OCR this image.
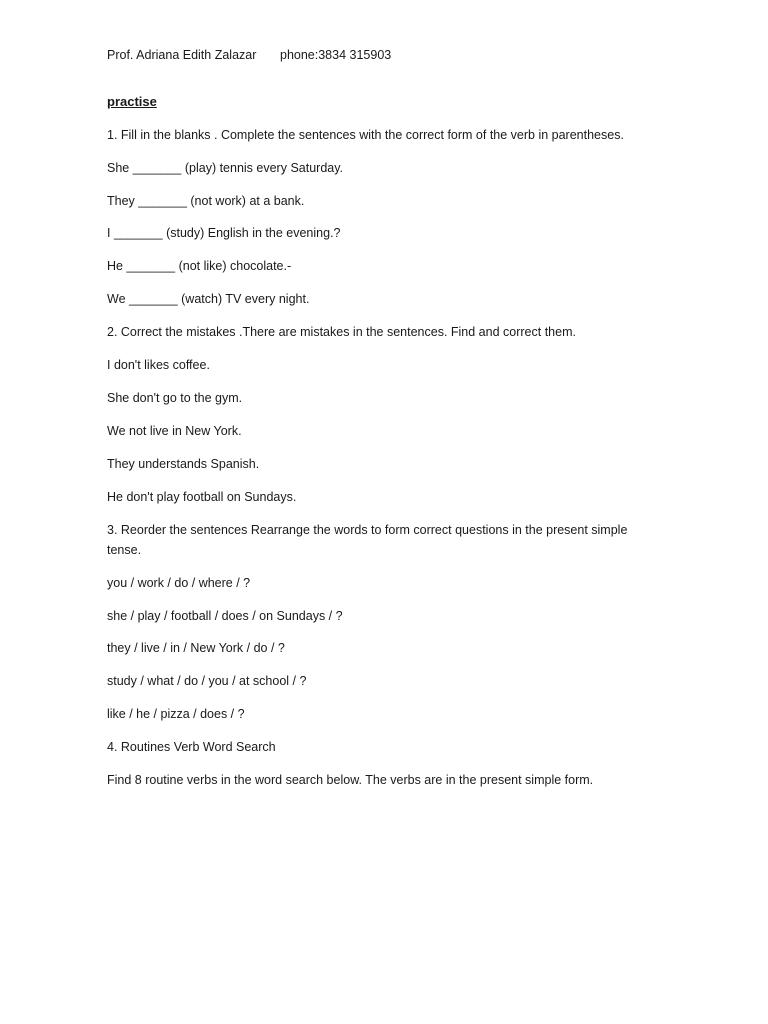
Prof. Adriana Edith Zalazar phone:3834 315903
practise
1. Fill in the blanks . Complete the sentences with the correct form of the verb in parentheses.
She _______ (play) tennis every Saturday.
They _______ (not work) at a bank.
I _______ (study) English in the evening.?
He _______ (not like) chocolate.-
We _______ (watch) TV every night.
2. Correct the mistakes .There are mistakes in the sentences. Find and correct them.
I don't likes coffee.
She don't go to the gym.
We not live in New York.
They understands Spanish.
He don't play football on Sundays.
3. Reorder the sentences Rearrange the words to form correct questions in the present simple tense.
you / work / do / where / ?
she / play / football / does / on Sundays / ?
they / live / in / New York / do / ?
study / what / do / you / at school / ?
like / he / pizza / does / ?
4. Routines Verb Word Search
Find 8 routine verbs in the word search below. The verbs are in the present simple form.
